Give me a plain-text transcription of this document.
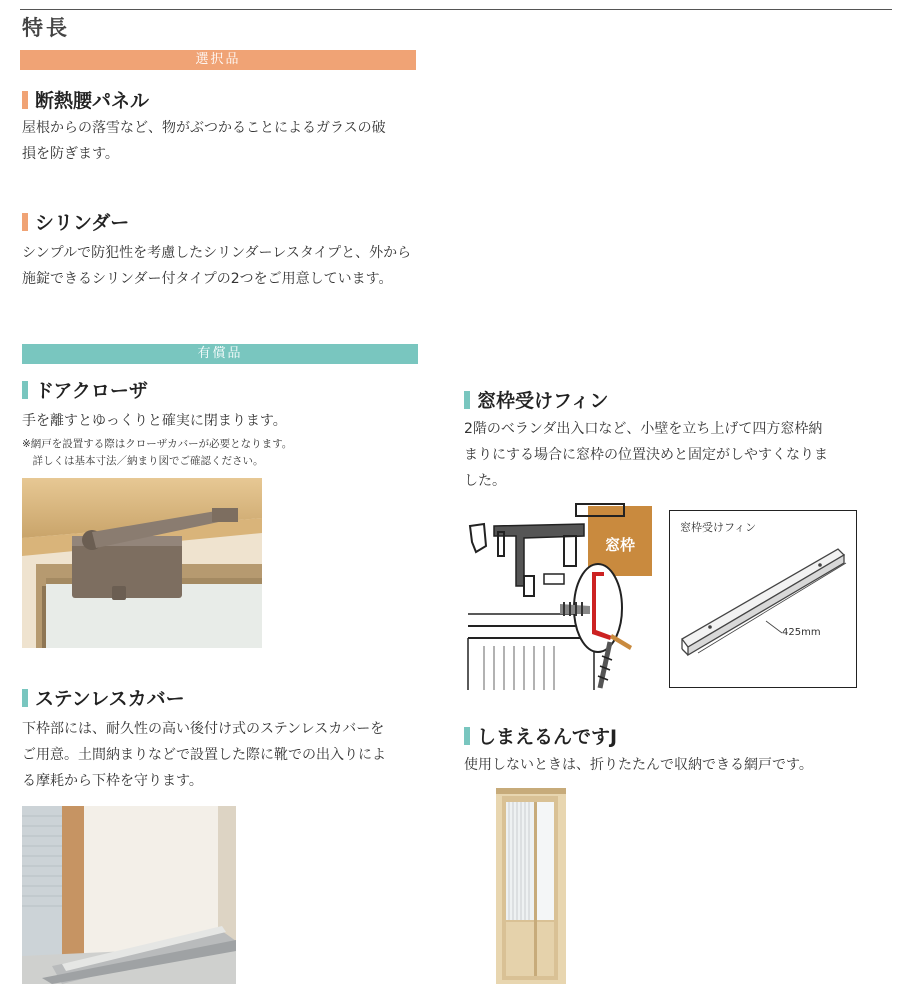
特長
選択品
断熱腰パネル

屋根からの落雪など、物がぶつかることによるガラスの破

損を防ぎます。

シリンダー

シンプルで防犯性を考慮したシリンダーレスタイプと、外から

施錠できるシリンダー付タイプの2つをご用意しています。

有償品
ドアクローザ

手を離すとゆっくりと確実に閉まります。

※網戸を設置する際はクローザカバーが必要となります。

　詳しくは基本寸法／納まり図でご確認ください。

ステンレスカバー

下枠部には、耐久性の高い後付け式のステンレスカバーを

ご用意。土間納まりなどで設置した際に靴での出入りによ

る摩耗から下枠を守ります。

窓枠受けフィン

2階のベランダ出入口など、小壁を立ち上げて四方窓枠納

まりにする場合に窓枠の位置決めと固定がしやすくなりま

した。

窓枠
窓枠受けフィン
425mm
しまえるんですJ

使用しないときは、折りたたんで収納できる網戸です。
